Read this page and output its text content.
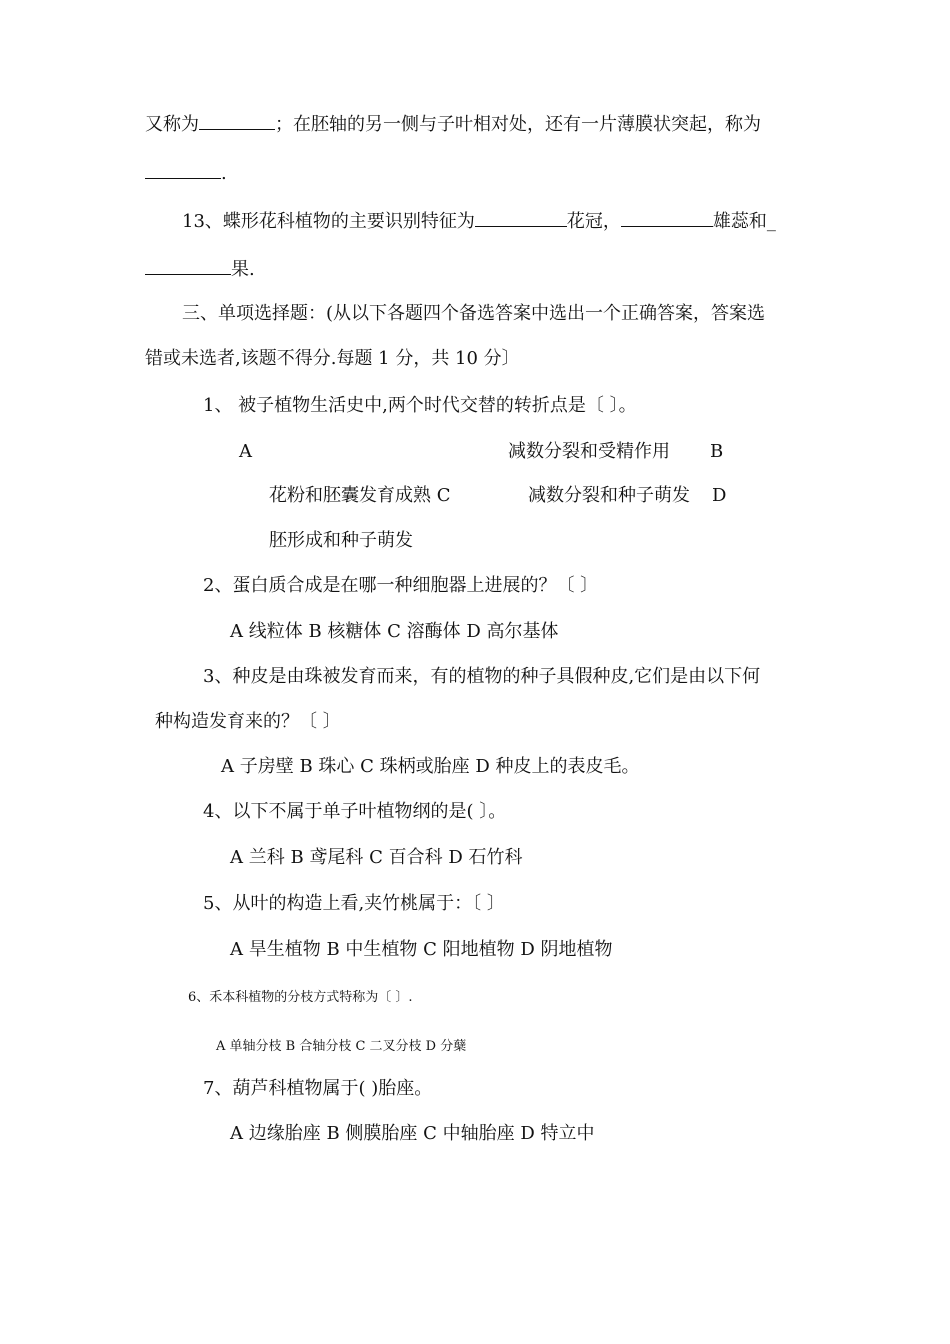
又称为	；在胚轴的另一侧与子叶相对处，还有一片薄膜状突起，称为
.
13、蝶形花科植物的主要识别特征为	花冠，	雄蕊和_
果.
三、单项选择题：(从以下各题四个备选答案中选出一个正确答案，答案选
错或未选者,该题不得分.每题 1 分，共 10 分〕
1、 被子植物生活史中,两个时代交替的转折点是〔 〕。
A	减数分裂和受精作用 B
花粉和胚囊发育成熟 C	减数分裂和种子萌发 D
胚形成和种子萌发
2、蛋白质合成是在哪一种细胞器上进展的？〔 〕
A 线粒体 B 核糖体 C 溶酶体 D 高尔基体
3、种皮是由珠被发育而来，有的植物的种子具假种皮,它们是由以下何
种构造发育来的？〔 〕
A 子房壁 B 珠心 C 珠柄或胎座 D 种皮上的表皮毛。
4、以下不属于单子叶植物纲的是( 〕。
A 兰科 B 鸢尾科 C 百合科 D 石竹科
5、从叶的构造上看,夹竹桃属于：〔 〕
A 旱生植物 B 中生植物 C 阳地植物 D 阴地植物
6、禾本科植物的分枝方式特称为〔 〕.
A 单轴分枝 B 合轴分枝 C 二叉分枝 D 分蘖
7、葫芦科植物属于( )胎座。
A 边缘胎座 B 侧膜胎座 C 中轴胎座 D 特立中
